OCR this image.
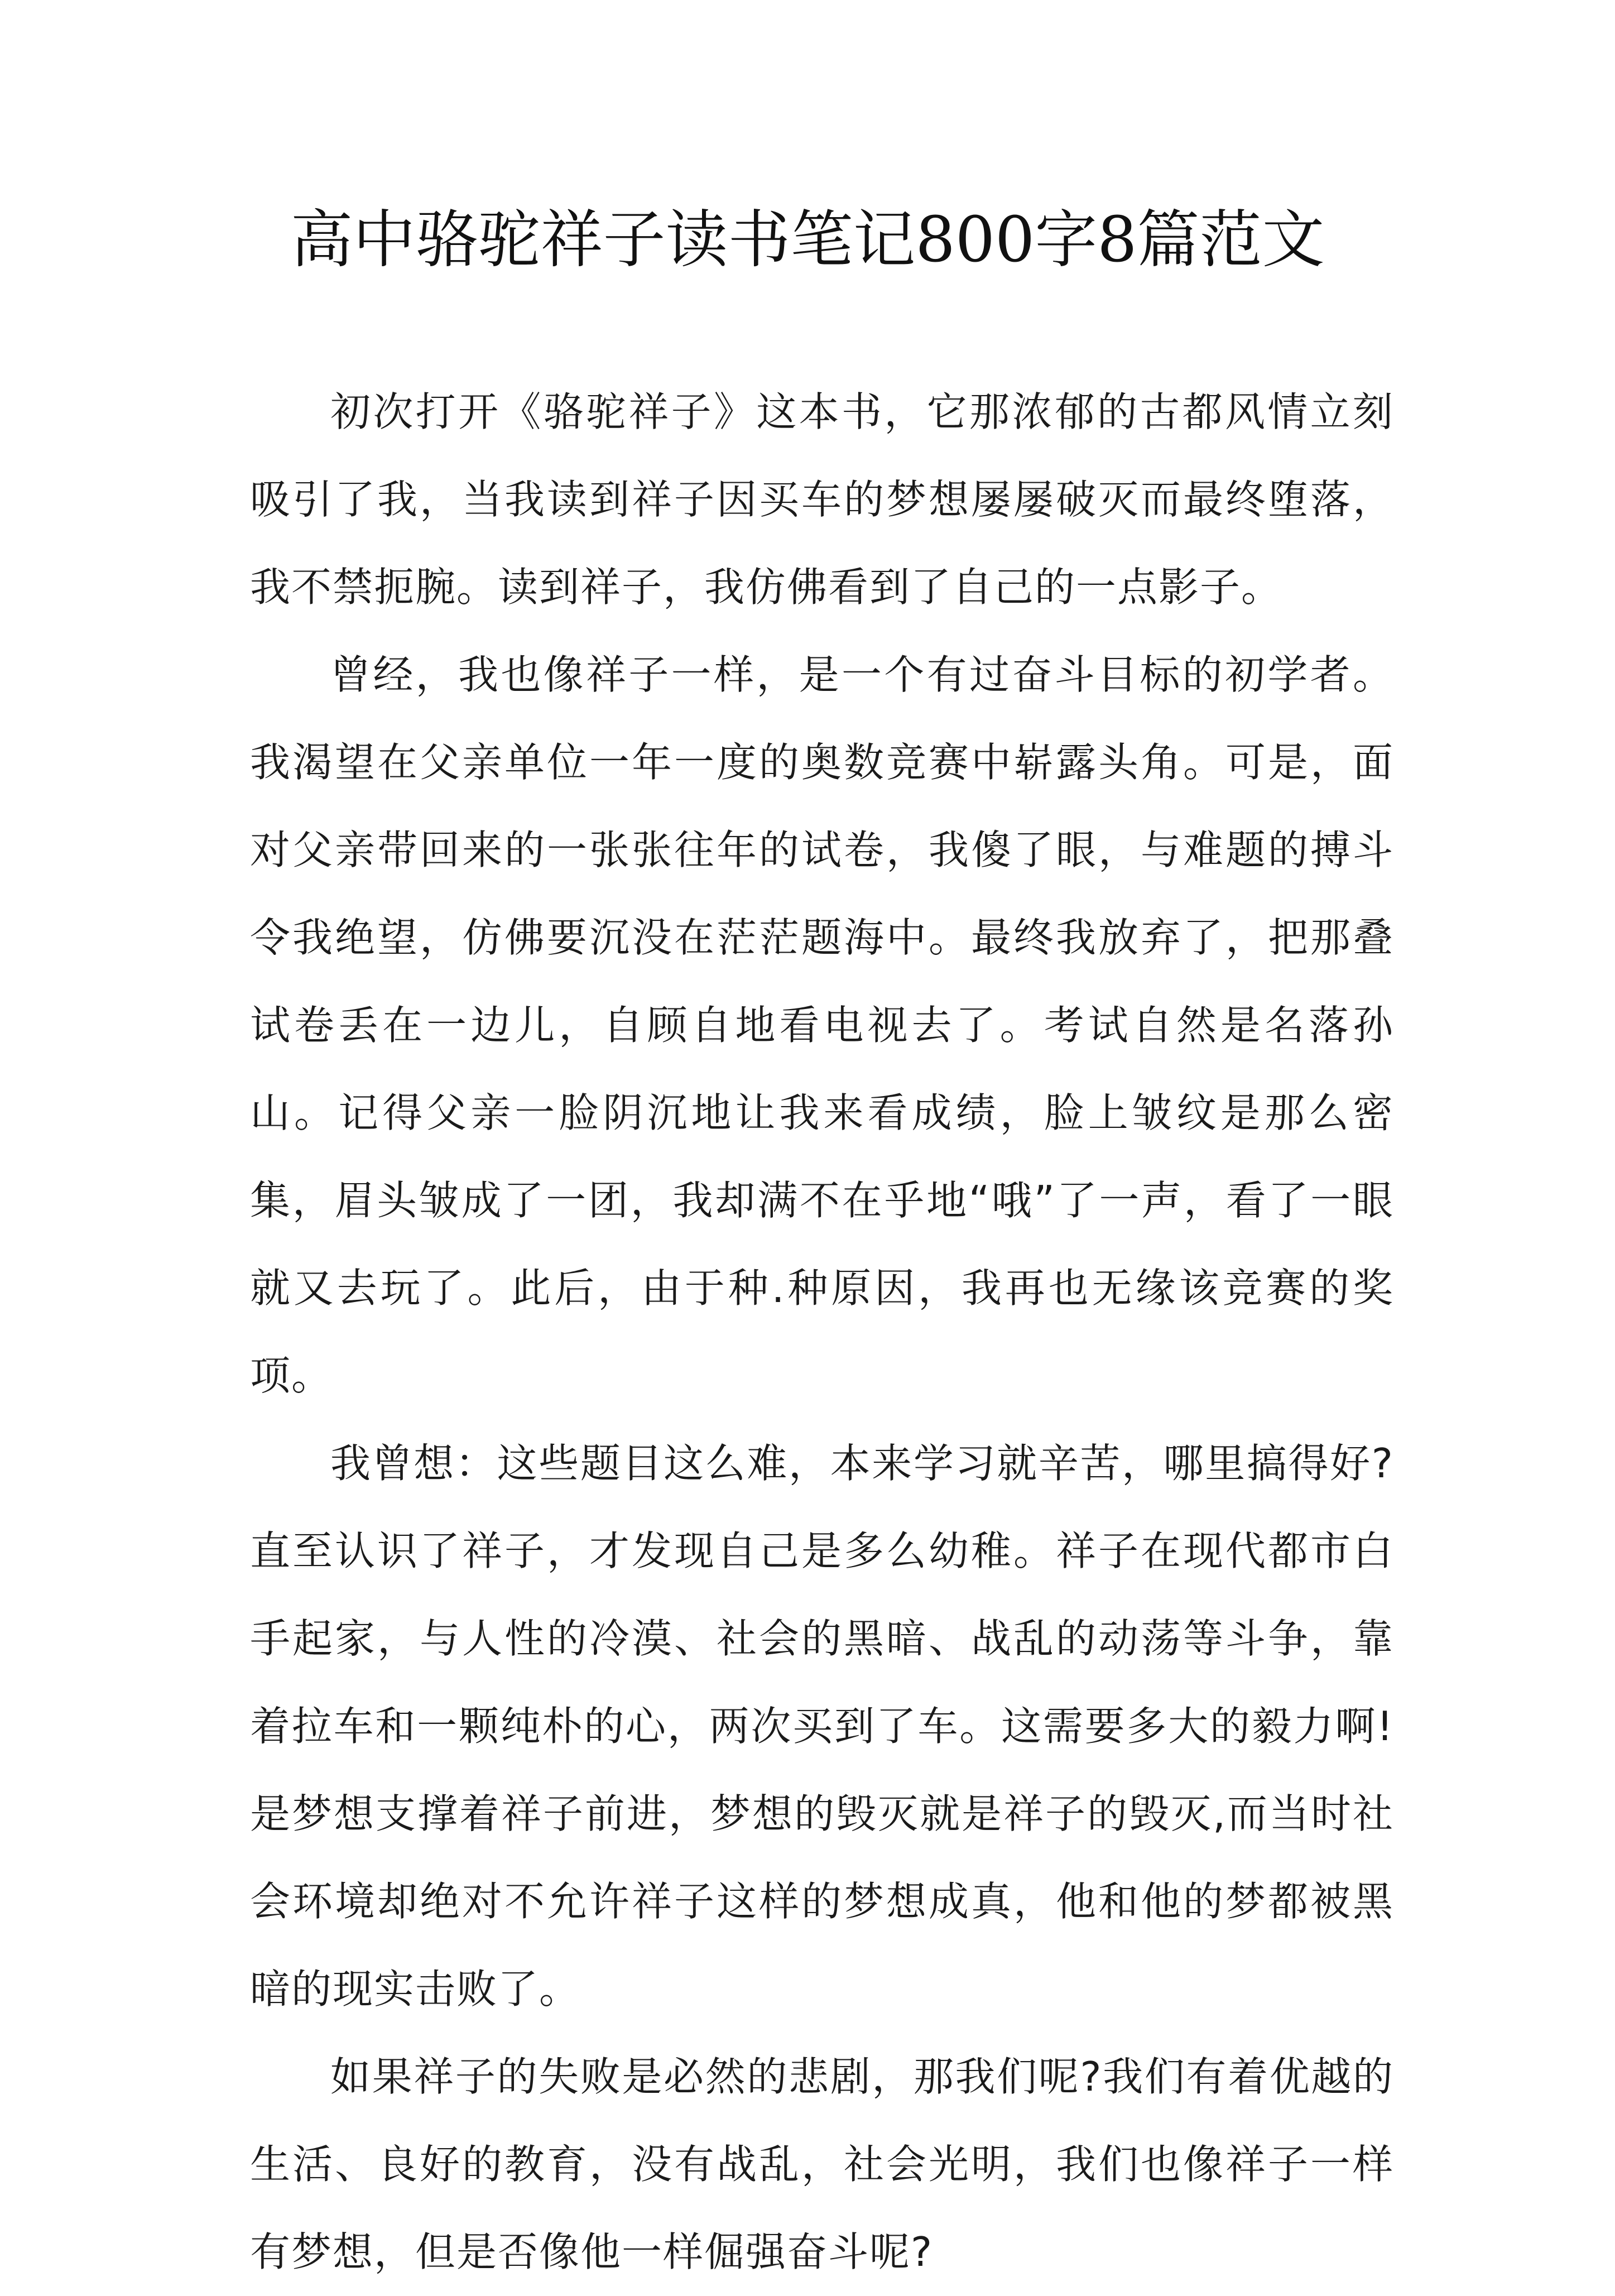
高中骆驼祥子读书笔记800字8篇范文

初次打开《骆驼祥子》这本书，它那浓郁的古都风情立刻吸引了我，当我读到祥子因买车的梦想屡屡破灭而最终堕落，我不禁扼腕。读到祥子，我仿佛看到了自己的一点影子。

曾经，我也像祥子一样，是一个有过奋斗目标的初学者。我渴望在父亲单位一年一度的奥数竞赛中崭露头角。可是，面对父亲带回来的一张张往年的试卷，我傻了眼，与难题的搏斗令我绝望，仿佛要沉没在茫茫题海中。最终我放弃了，把那叠试卷丢在一边儿，自顾自地看电视去了。考试自然是名落孙山。记得父亲一脸阴沉地让我来看成绩，脸上皱纹是那么密集，眉头皱成了一团，我却满不在乎地“哦”了一声，看了一眼就又去玩了。此后，由于种.种原因，我再也无缘该竞赛的奖项。

我曾想：这些题目这么难，本来学习就辛苦，哪里搞得好?直至认识了祥子，才发现自己是多么幼稚。祥子在现代都市白手起家，与人性的冷漠、社会的黑暗、战乱的动荡等斗争，靠着拉车和一颗纯朴的心，两次买到了车。这需要多大的毅力啊!是梦想支撑着祥子前进，梦想的毁灭就是祥子的毁灭,而当时社会环境却绝对不允许祥子这样的梦想成真，他和他的梦都被黑暗的现实击败了。

如果祥子的失败是必然的悲剧，那我们呢?我们有着优越的生活、良好的教育，没有战乱，社会光明，我们也像祥子一样有梦想，但是否像他一样倔强奋斗呢?
